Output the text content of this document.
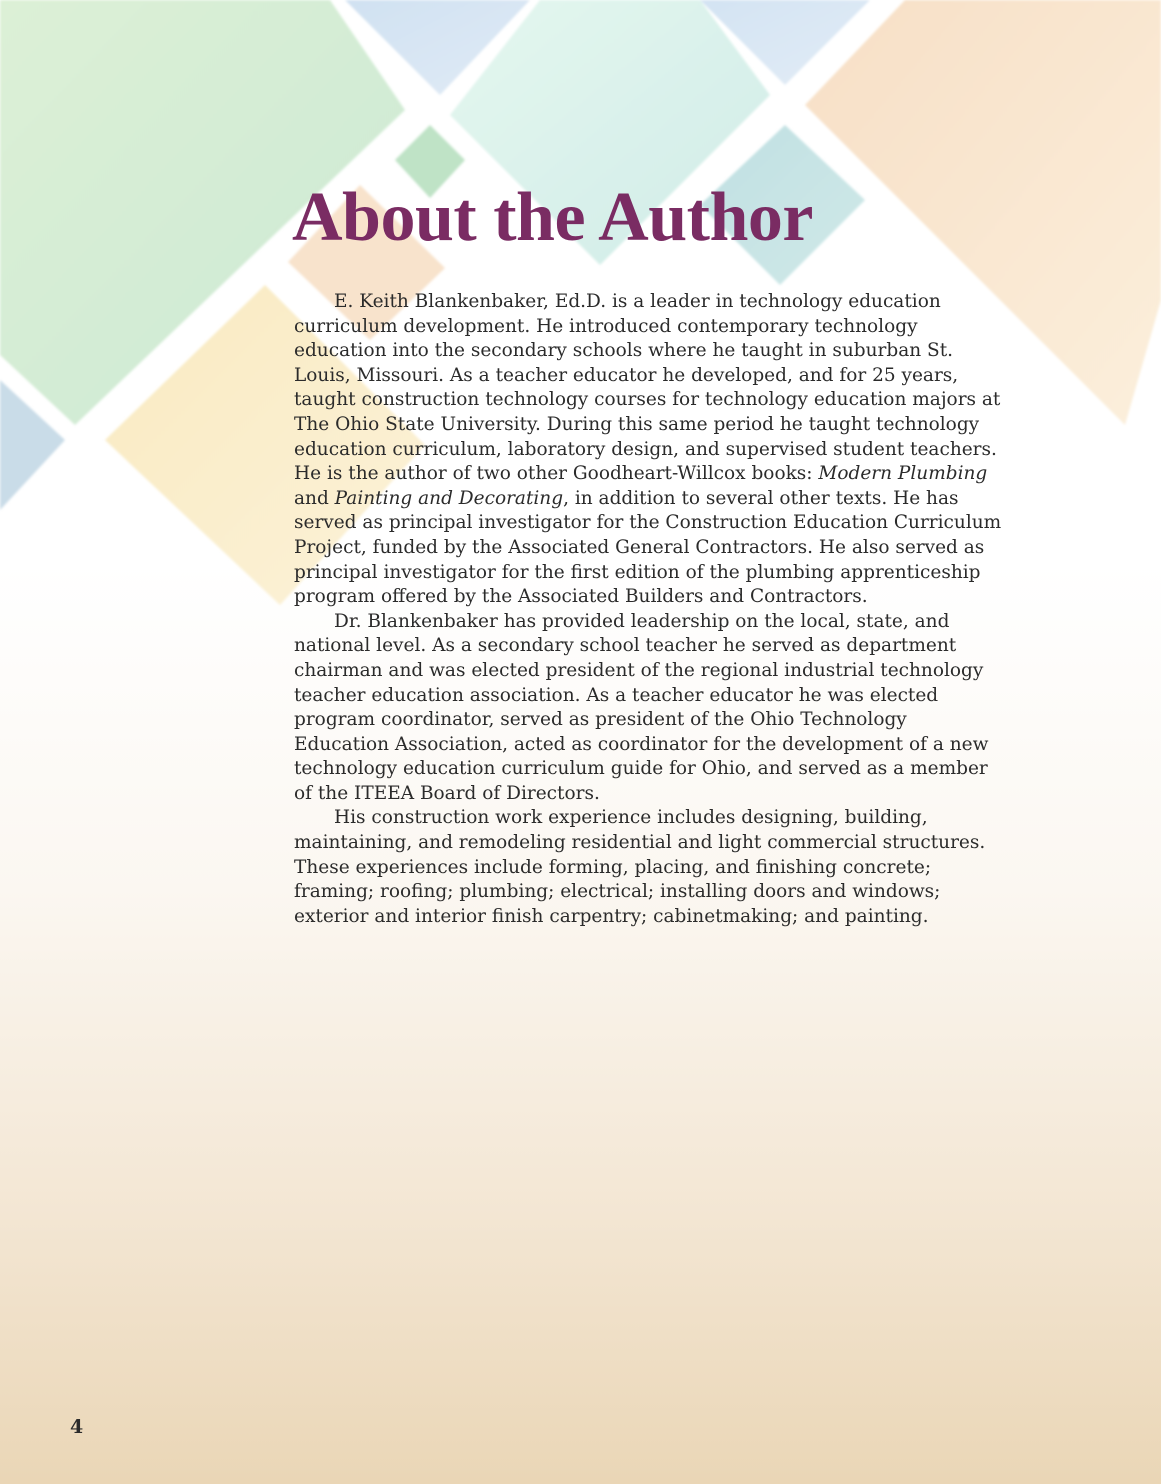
About the Author

E. Keith Blankenbaker, Ed.D. is a leader in technology education curriculum development. He introduced contemporary technology education into the secondary schools where he taught in suburban St. Louis, Missouri. As a teacher educator he developed, and for 25 years, taught construction technology courses for technology education majors at The Ohio State University. During this same period he taught technology education curriculum, laboratory design, and supervised student teachers. He is the author of two other Goodheart-Willcox books: Modern Plumbing and Painting and Decorating, in addition to several other texts. He has served as principal investigator for the Construction Education Curriculum Project, funded by the Associated General Contractors. He also served as principal investigator for the first edition of the plumbing apprenticeship program offered by the Associated Builders and Contractors.

Dr. Blankenbaker has provided leadership on the local, state, and national level. As a secondary school teacher he served as department chairman and was elected president of the regional industrial technology teacher education association. As a teacher educator he was elected program coordinator, served as president of the Ohio Technology Education Association, acted as coordinator for the development of a new technology education curriculum guide for Ohio, and served as a member of the ITEEA Board of Directors.

His construction work experience includes designing, building, maintaining, and remodeling residential and light commercial structures. These experiences include forming, placing, and finishing concrete; framing; roofing; plumbing; electrical; installing doors and windows; exterior and interior finish carpentry; cabinetmaking; and painting.

4
